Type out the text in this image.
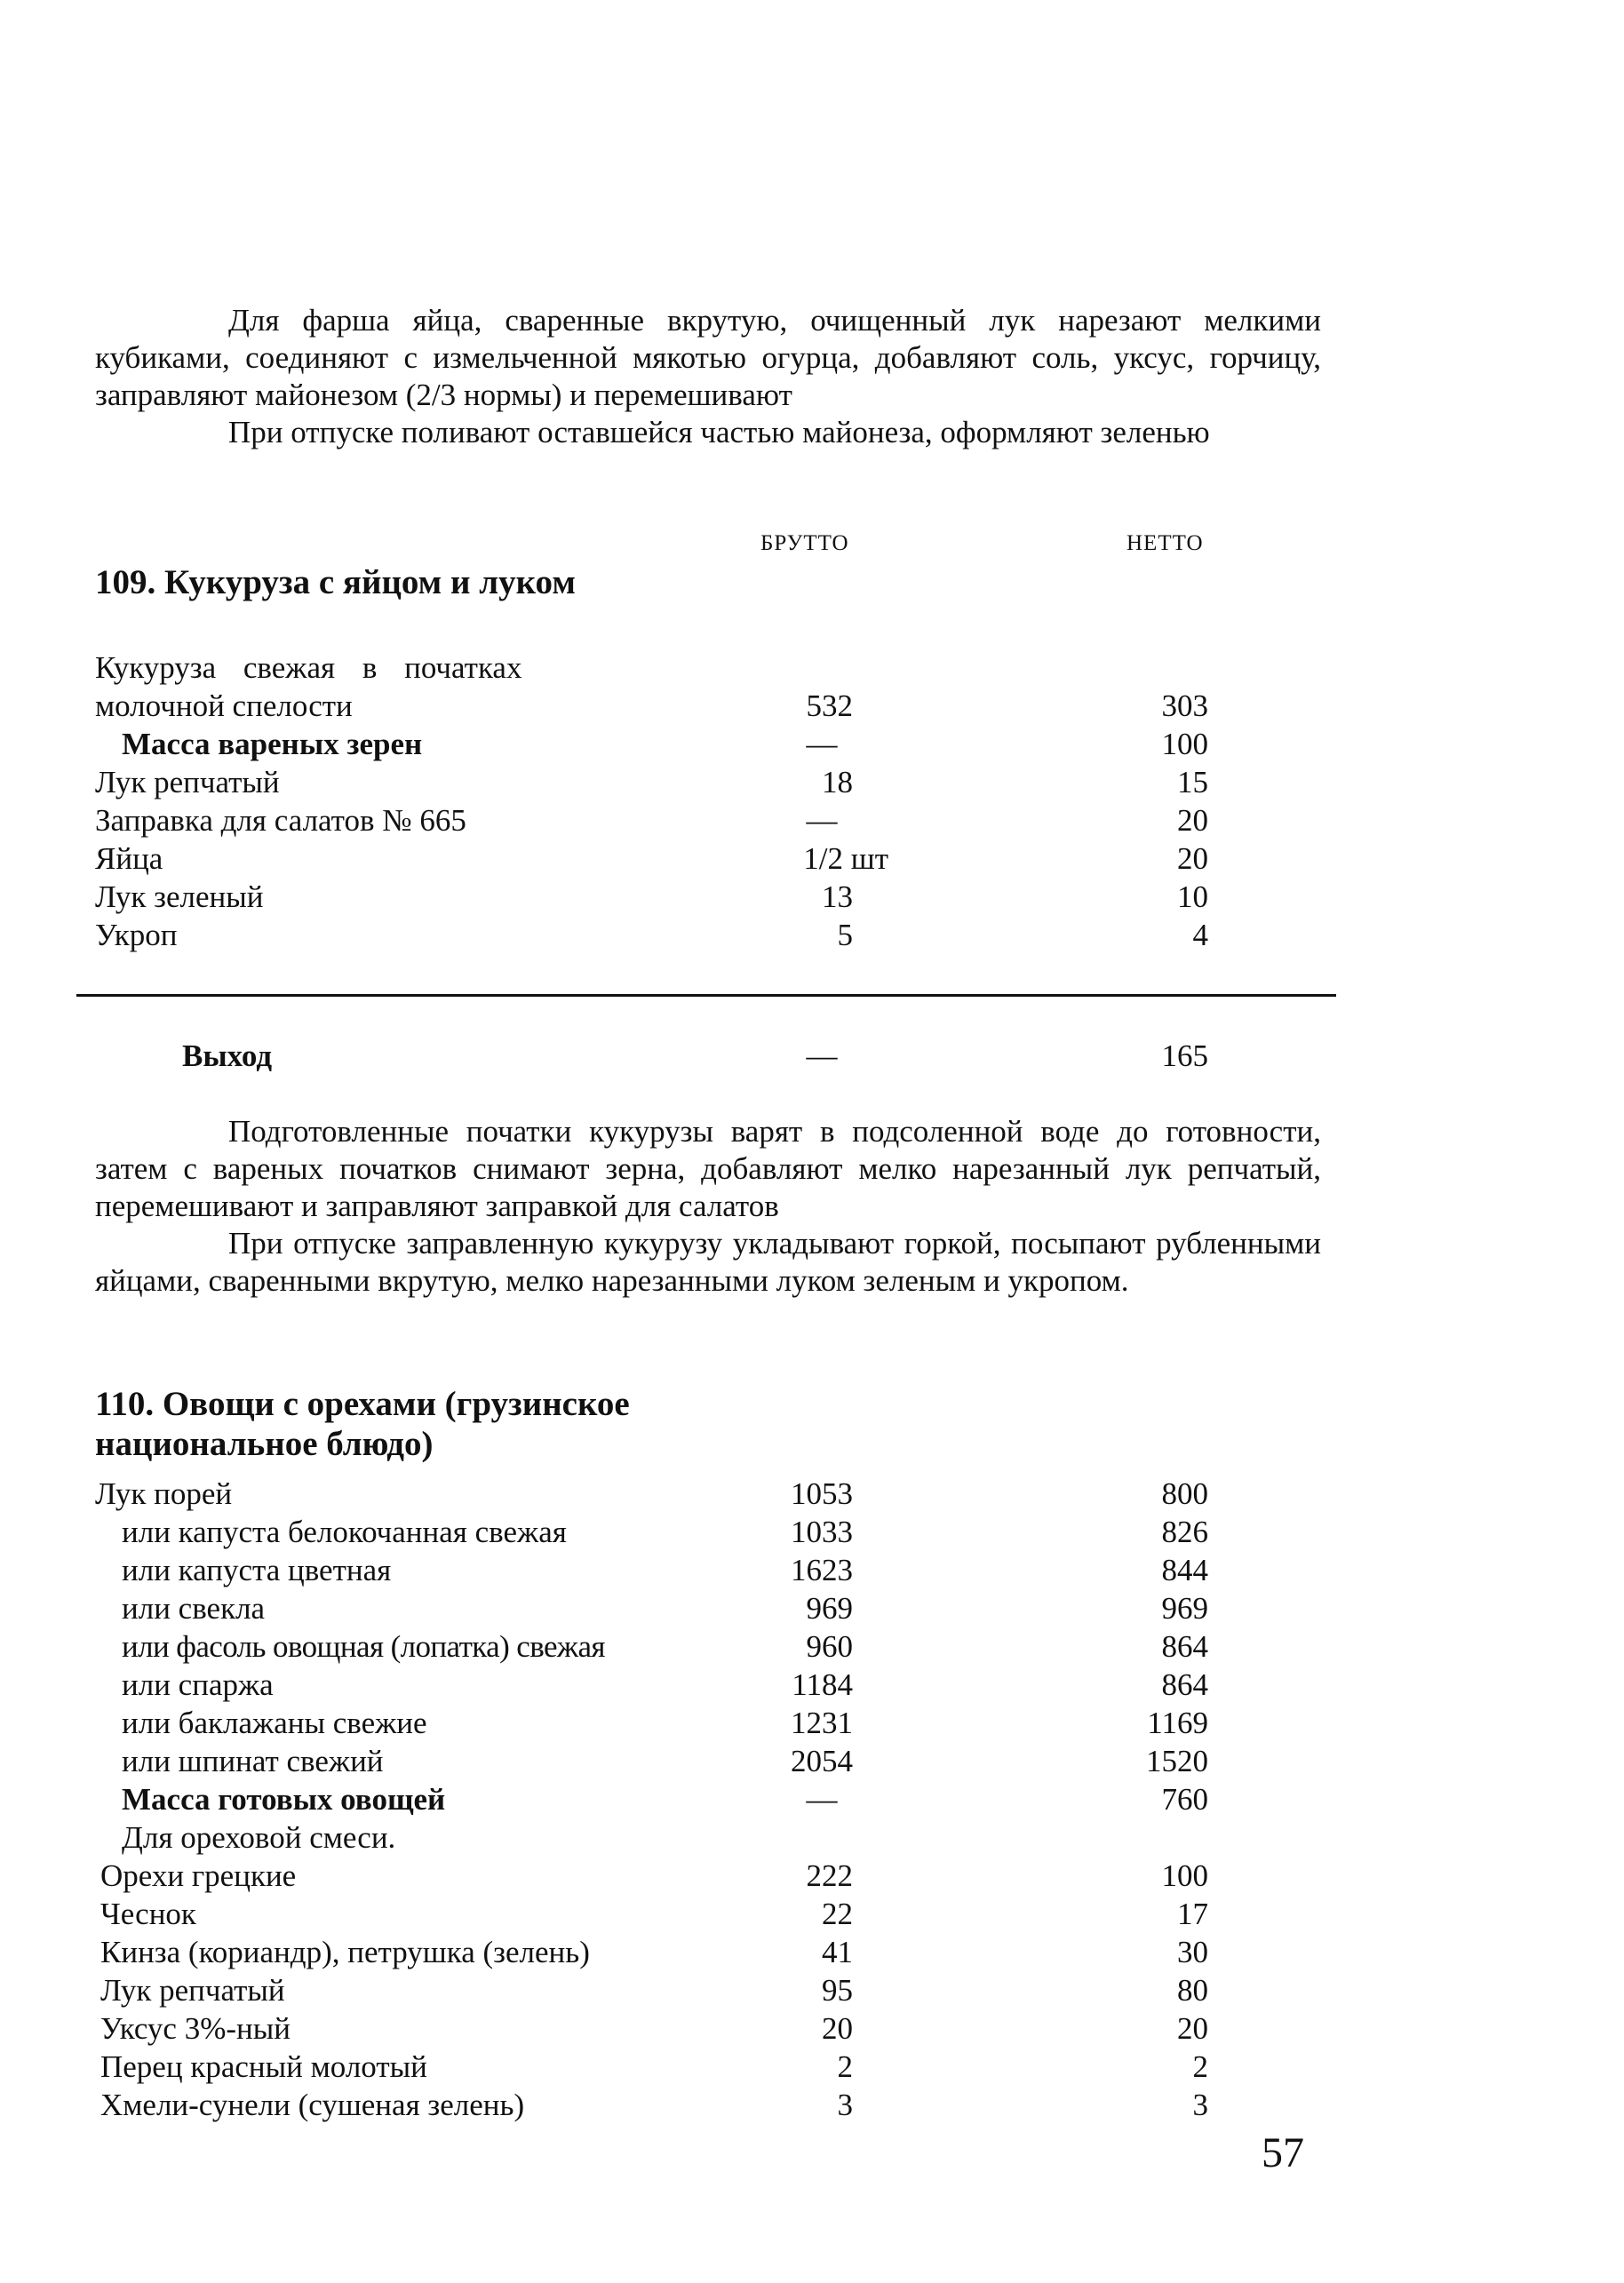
Для фарша яйца, сваренные вкрутую, очищенный лук нарезают мелкими кубиками, соединяют с измельченной мякотью огурца, добавляют соль, уксус, горчицу, заправляют майонезом (2/3 нормы) и перемешивают

При отпуске поливают оставшейся частью майонеза, оформляют зеленью

БРУТТО	НЕТТО
109. Кукуруза с яйцом и луком
Кукуруза свежая в початках
молочной спелости	532	303
Масса вареных зерен	—	100
Лук репчатый	18	15
Заправка для салатов № 665	—	20
Яйца	1/2 шт	20
Лук зеленый	13	10
Укроп	5	4
Выход	—	165

Подготовленные початки кукурузы варят в подсоленной воде до готовности, затем с вареных початков снимают зерна, добавляют мелко нарезанный лук репчатый, перемешивают и заправляют заправкой для салатов

При отпуске заправленную кукурузу укладывают горкой, посыпают рубленными яйцами, сваренными вкрутую, мелко нарезанными луком зеленым и укропом.

110. Овощи с орехами (грузинское национальное блюдо)
Лук порей	1053	800
или капуста белокочанная свежая	1033	826
или капуста цветная	1623	844
или свекла	969	969
или фасоль овощная (лопатка) свежая	960	864
или спаржа	1184	864
или баклажаны свежие	1231	1169
или шпинат свежий	2054	1520
Масса готовых овощей	—	760
Для ореховой смеси.
Орехи грецкие	222	100
Чеснок	22	17
Кинза (кориандр), петрушка (зелень)	41	30
Лук репчатый	95	80
Уксус 3%-ный	20	20
Перец красный молотый	2	2
Хмели-сунели (сушеная зелень)	3	3
57
